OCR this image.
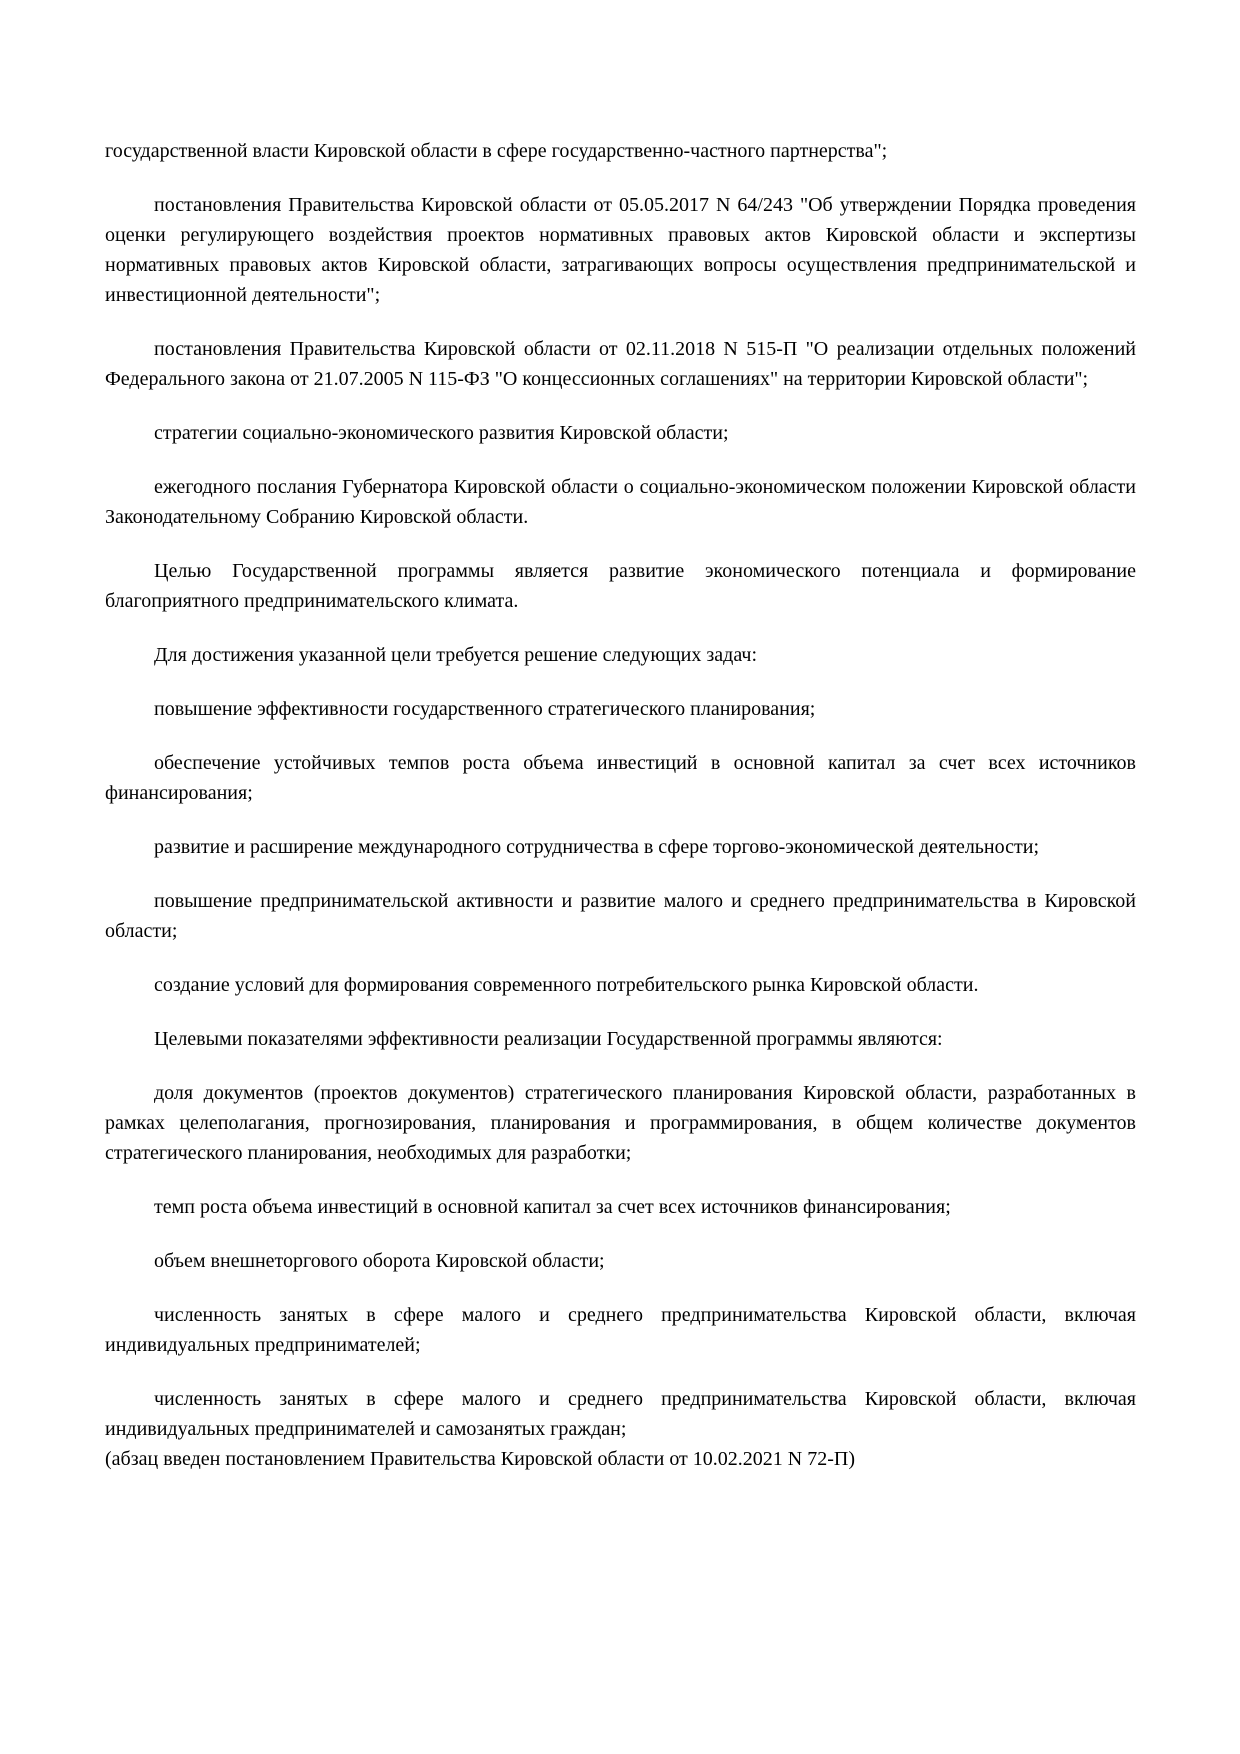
государственной власти Кировской области в сфере государственно-частного партнерства";

постановления Правительства Кировской области от 05.05.2017 N 64/243 "Об утверждении Порядка проведения оценки регулирующего воздействия проектов нормативных правовых актов Кировской области и экспертизы нормативных правовых актов Кировской области, затрагивающих вопросы осуществления предпринимательской и инвестиционной деятельности";

постановления Правительства Кировской области от 02.11.2018 N 515-П "О реализации отдельных положений Федерального закона от 21.07.2005 N 115-ФЗ "О концессионных соглашениях" на территории Кировской области";

стратегии социально-экономического развития Кировской области;

ежегодного послания Губернатора Кировской области о социально-экономическом положении Кировской области Законодательному Собранию Кировской области.

Целью Государственной программы является развитие экономического потенциала и формирование благоприятного предпринимательского климата.

Для достижения указанной цели требуется решение следующих задач:

повышение эффективности государственного стратегического планирования;

обеспечение устойчивых темпов роста объема инвестиций в основной капитал за счет всех источников финансирования;

развитие и расширение международного сотрудничества в сфере торгово-экономической деятельности;

повышение предпринимательской активности и развитие малого и среднего предпринимательства в Кировской области;

создание условий для формирования современного потребительского рынка Кировской области.

Целевыми показателями эффективности реализации Государственной программы являются:

доля документов (проектов документов) стратегического планирования Кировской области, разработанных в рамках целеполагания, прогнозирования, планирования и программирования, в общем количестве документов стратегического планирования, необходимых для разработки;

темп роста объема инвестиций в основной капитал за счет всех источников финансирования;

объем внешнеторгового оборота Кировской области;

численность занятых в сфере малого и среднего предпринимательства Кировской области, включая индивидуальных предпринимателей;

численность занятых в сфере малого и среднего предпринимательства Кировской области, включая индивидуальных предпринимателей и самозанятых граждан;

(абзац введен постановлением Правительства Кировской области от 10.02.2021 N 72-П)
